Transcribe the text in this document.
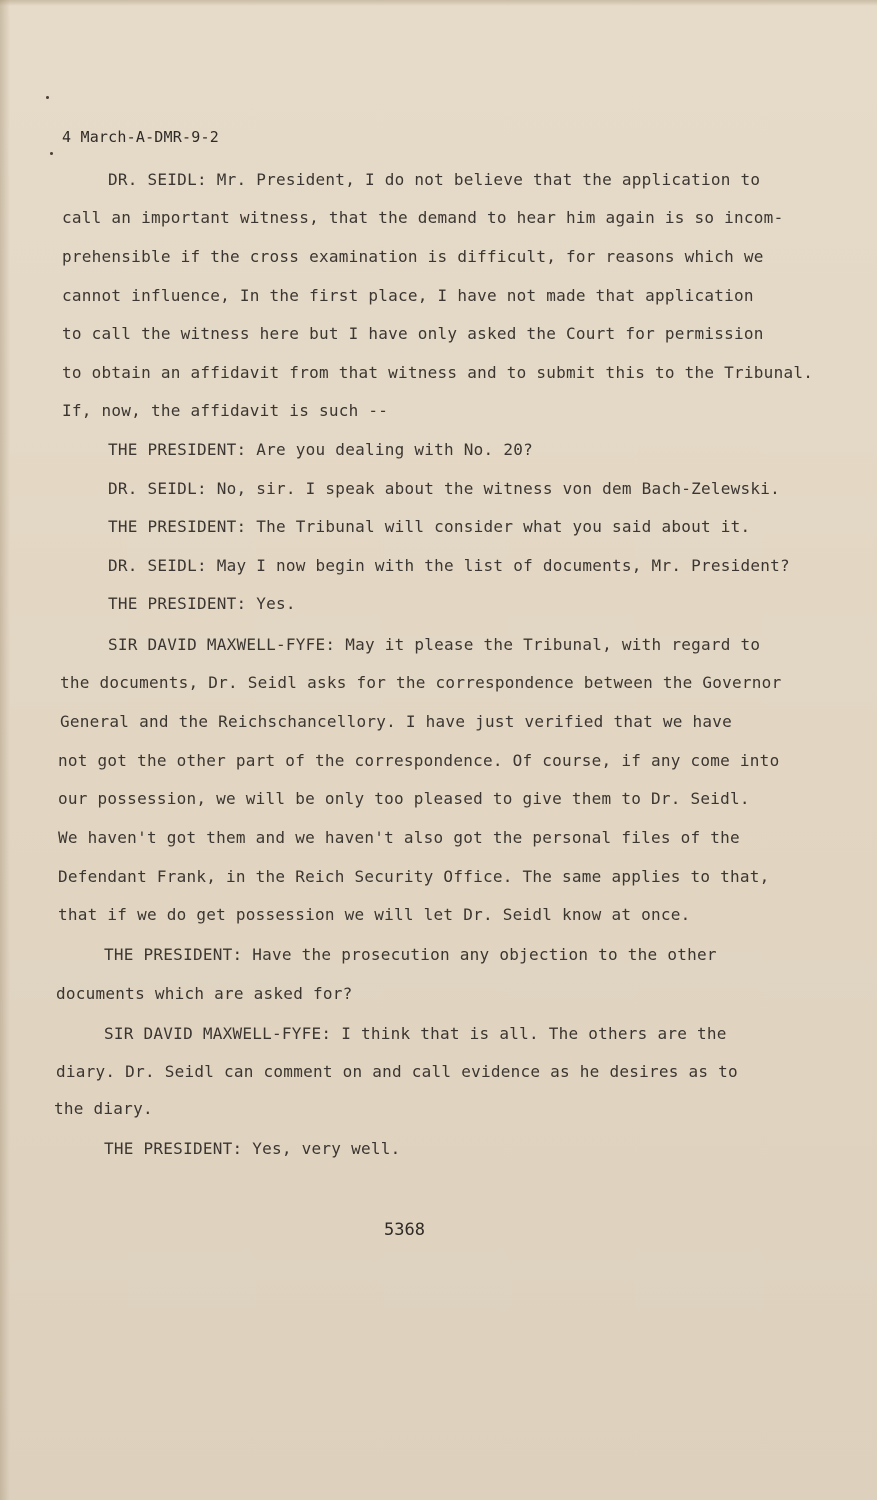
4 March-A-DMR-9-2
DR. SEIDL: Mr. President, I do not believe that the application to
call an important witness, that the demand to hear him again is so incom-
prehensible if the cross examination is difficult, for reasons which we
cannot influence, In the first place, I have not made that application
to call the witness here but I have only asked the Court for permission
to obtain an affidavit from that witness and to submit this to the Tribunal.
If, now, the affidavit is such --
THE PRESIDENT: Are you dealing with No. 20?
DR. SEIDL: No, sir. I speak about the witness von dem Bach-Zelewski.
THE PRESIDENT: The Tribunal will consider what you said about it.
DR. SEIDL: May I now begin with the list of documents, Mr. President?
THE PRESIDENT: Yes.
SIR DAVID MAXWELL-FYFE: May it please the Tribunal, with regard to
the documents, Dr. Seidl asks for the correspondence between the Governor
General and the Reichschancellory. I have just verified that we have
not got the other part of the correspondence. Of course, if any come into
our possession, we will be only too pleased to give them to Dr. Seidl.
We haven't got them and we haven't also got the personal files of the
Defendant Frank, in the Reich Security Office. The same applies to that,
that if we do get possession we will let Dr. Seidl know at once.
THE PRESIDENT: Have the prosecution any objection to the other
documents which are asked for?
SIR DAVID MAXWELL-FYFE: I think that is all. The others are the
diary. Dr. Seidl can comment on and call evidence as he desires as to
the diary.
THE PRESIDENT: Yes, very well.
5368
